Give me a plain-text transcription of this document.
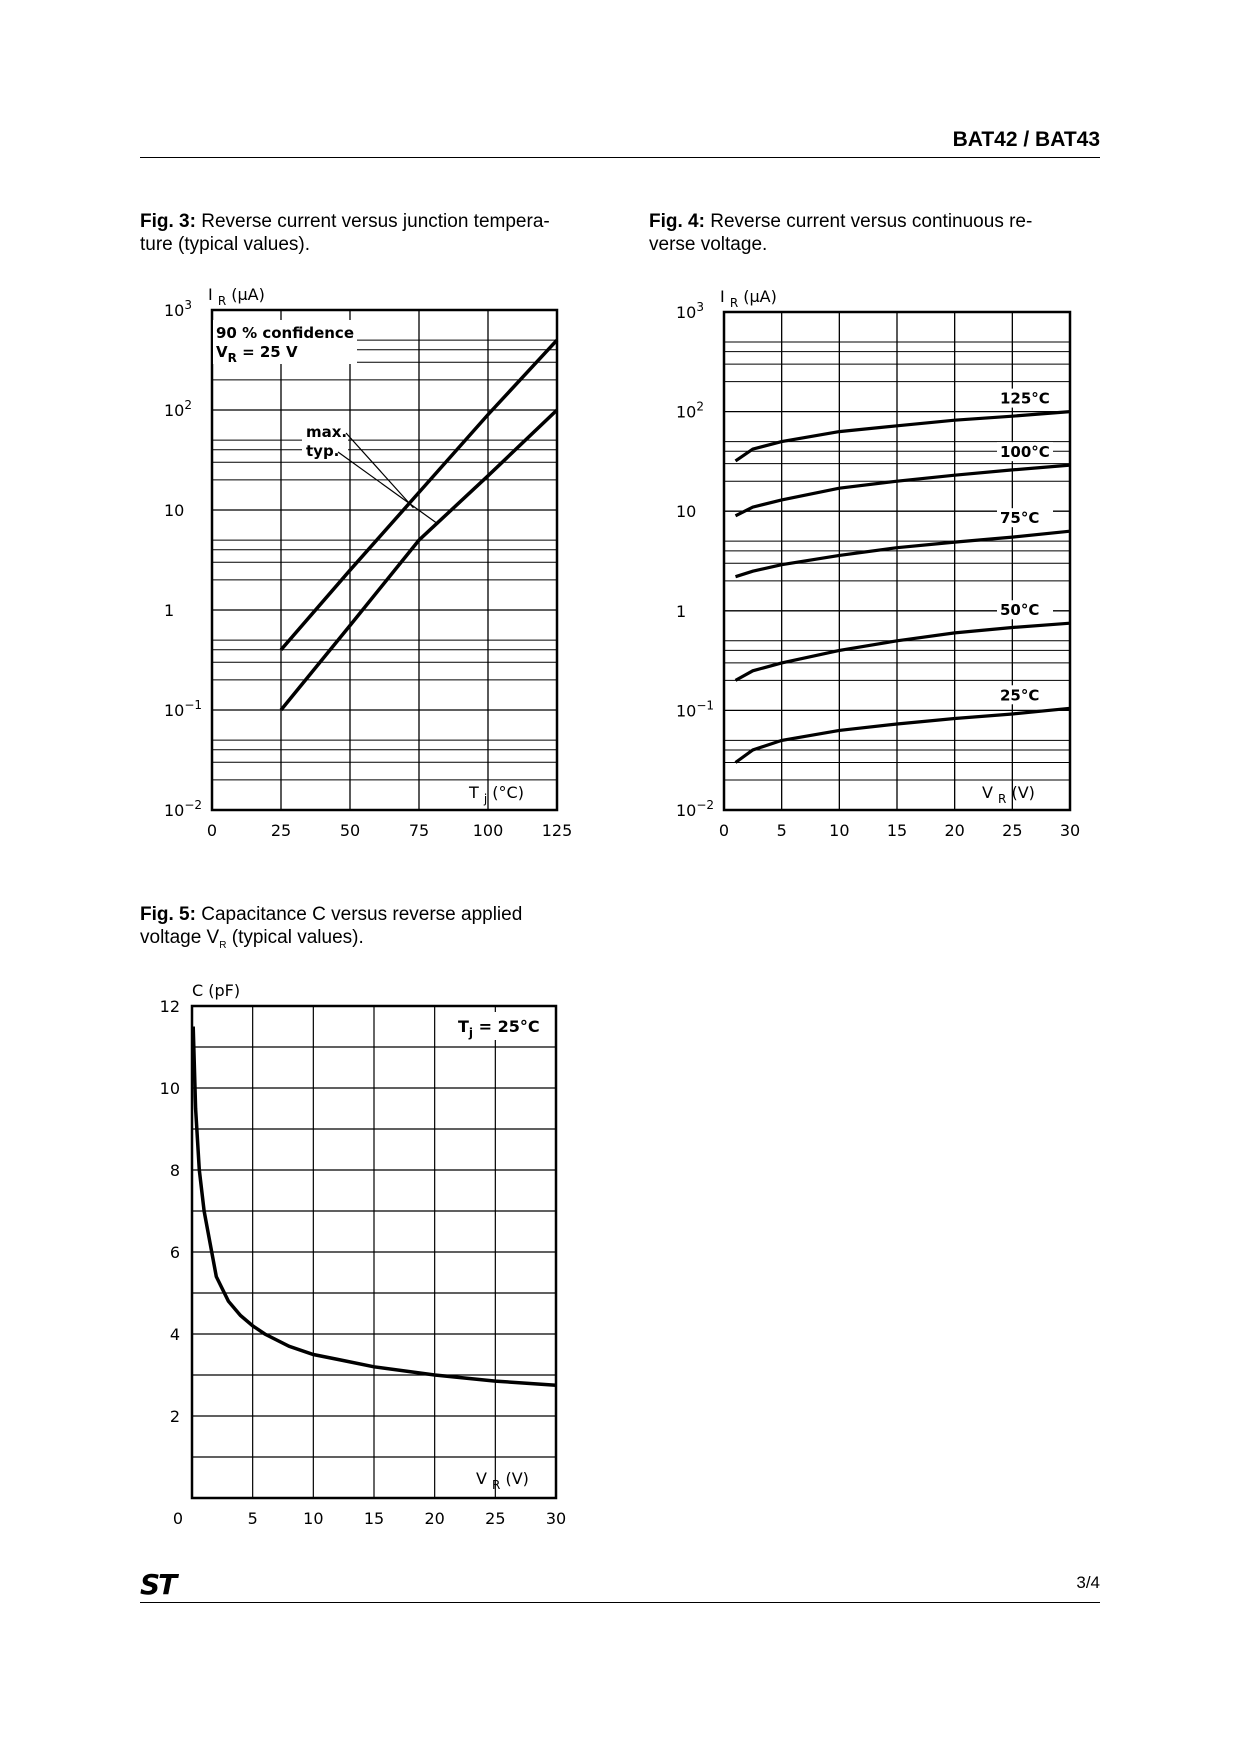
BAT42 / BAT43
Fig. 3: Reverse current versus junction tempera-
ture (typical values).
Fig. 4: Reverse current versus continuous re-
verse voltage.
Fig. 5: Capacitance C versus reverse applied
voltage $V_R$ (typical values).
$10^3$
$10^2$
10
1
$10^{-1}$
$10^{-2}$
0	25	50	75	100 125
I $_R$ (μA)
T $_j$ (°C)
90 % confidence
$V_R = 25$ V
max.
typ.
$10^3$
$10^2$
10
1
$10^{-1}$
$10^{-2}$
0	5	10 15 20 25 30
I $_R$ (μA)
V $_R$ (V)
125°C
100°C
75°C
50°C
25°C
12
10
8
6
4
2
0	5	10	15	20	25	30
C (pF)
V $_R$ (V)
$T_j = 25^\circ C$
ST	3/4
